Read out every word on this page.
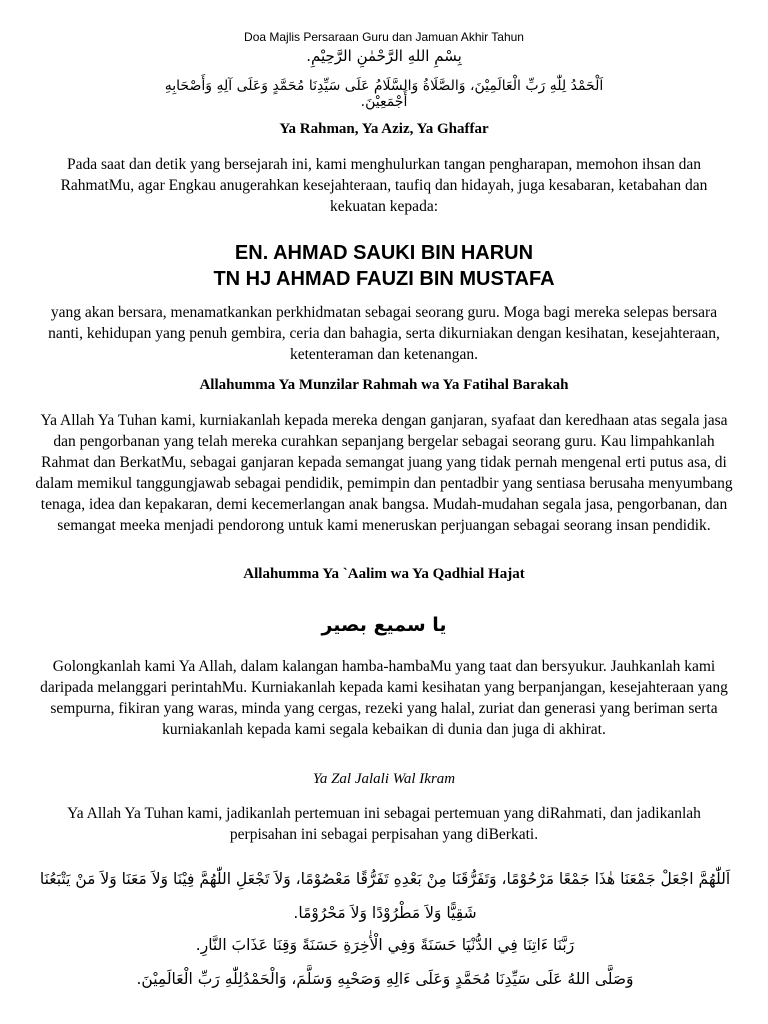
Doa Majlis Persaraan Guru dan Jamuan Akhir Tahun
بِسْمِ اللهِ الرَّحْمٰنِ الرَّحِيْمِ.
اَلْحَمْدُ لِلّٰهِ رَبِّ الْعَالَمِيْنَ، وَالصَّلَاةُ وَالسَّلَامُ عَلَى سَيِّدِنَا مُحَمَّدٍ وَعَلَى آلِهِ وَأَصْحَابِهِ أَجْمَعِيْنَ.
Ya Rahman, Ya Aziz, Ya Ghaffar
Pada saat dan detik yang bersejarah ini, kami menghulurkan tangan pengharapan, memohon ihsan dan RahmatMu, agar Engkau anugerahkan kesejahteraan, taufiq dan hidayah, juga kesabaran, ketabahan dan kekuatan kepada:
EN. AHMAD SAUKI BIN HARUN
TN HJ AHMAD FAUZI BIN MUSTAFA
yang akan bersara, menamatkankan perkhidmatan sebagai seorang guru. Moga bagi mereka selepas bersara nanti, kehidupan yang penuh gembira, ceria dan bahagia, serta dikurniakan dengan kesihatan, kesejahteraan, ketenteraman dan ketenangan.
Allahumma Ya Munzilar Rahmah wa Ya Fatihal Barakah
Ya Allah Ya Tuhan kami, kurniakanlah kepada mereka dengan ganjaran, syafaat dan keredhaan atas segala jasa dan pengorbanan yang telah mereka curahkan sepanjang bergelar sebagai seorang guru. Kau limpahkanlah Rahmat dan BerkatMu, sebagai ganjaran kepada semangat juang yang tidak pernah mengenal erti putus asa, di dalam memikul tanggungjawab sebagai pendidik, pemimpin dan pentadbir yang sentiasa berusaha menyumbang tenaga, idea dan kepakaran, demi kecemerlangan anak bangsa. Mudah-mudahan segala jasa, pengorbanan, dan semangat meeka menjadi pendorong untuk kami meneruskan perjuangan sebagai seorang insan pendidik.
Allahumma Ya `Aalim wa Ya Qadhial Hajat
يا سميع بصير
Golongkanlah kami Ya Allah, dalam kalangan hamba-hambaMu yang taat dan bersyukur. Jauhkanlah kami daripada melanggari perintahMu. Kurniakanlah kepada kami kesihatan yang berpanjangan, kesejahteraan yang sempurna, fikiran yang waras, minda yang cergas, rezeki yang halal, zuriat dan generasi yang beriman serta kurniakanlah kepada kami segala kebaikan di dunia dan juga di akhirat.
Ya Zal Jalali Wal Ikram
Ya Allah Ya Tuhan kami, jadikanlah pertemuan ini sebagai pertemuan yang diRahmati, dan jadikanlah perpisahan ini sebagai perpisahan yang diBerkati.
اَللّٰهُمَّ اجْعَلْ جَمْعَنَا هٰذَا جَمْعًا مَرْحُوْمًا، وَتَفَرُّقَنَا مِنْ بَعْدِهِ تَفَرُّقًا مَعْصُوْمًا، وَلاَ تَجْعَلِ اللّٰهُمَّ فِيْنَا وَلاَ مَعَنَا وَلاَ مَنْ يَتْبَعُنَا شَقِيًّا وَلاَ مَطْرُوْدًا وَلاَ مَحْرُوْمًا.
رَبَّنَا ءَاتِنَا فِي الدُّنْيَا حَسَنَةً وَفِي الْأٰخِرَةِ حَسَنَةً وَقِنَا عَذَابَ النَّارِ.
وَصَلَّى اللهُ عَلَى سَيِّدِنَا مُحَمَّدٍ وَعَلَى ءَالِهِ وَصَحْبِهِ وَسَلَّمَ، وَالْحَمْدُلِلّٰهِ رَبِّ الْعَالَمِيْنَ.
